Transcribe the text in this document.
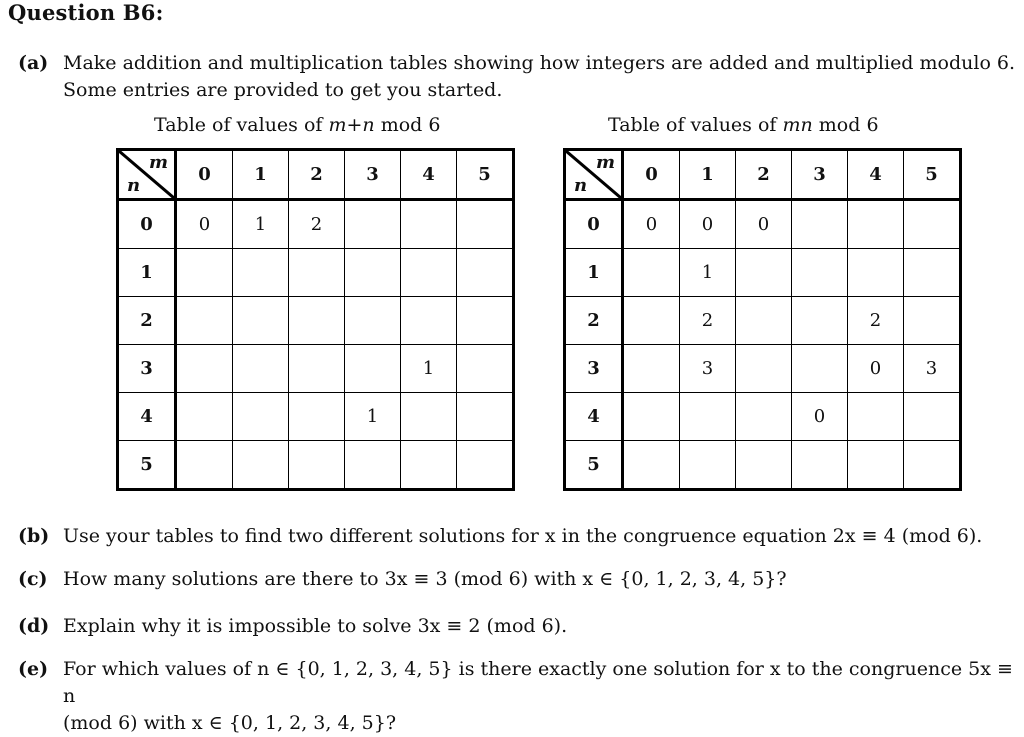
Question B6:
(a) Make addition and multiplication tables showing how integers are added and multiplied modulo 6.
Some entries are provided to get you started.
Table of values of m+n mod 6	Table of values of mn mod 6
m
n	0	1	2	3	4	5
0	0	1	2			
1						
2						
3					1	
4				1		
5						
m
n	0	1	2	3	4	5
0	0	0	0			
1		1				
2		2			2	
3		3			0	3
4				0		
5						
(b) Use your tables to find two different solutions for x in the congruence equation 2x ≡ 4 (mod 6).
(c) How many solutions are there to 3x ≡ 3 (mod 6) with x ∈ {0, 1, 2, 3, 4, 5}?
(d) Explain why it is impossible to solve 3x ≡ 2 (mod 6).
(e) For which values of n ∈ {0, 1, 2, 3, 4, 5} is there exactly one solution for x to the congruence 5x ≡ n
(mod 6) with x ∈ {0, 1, 2, 3, 4, 5}?
